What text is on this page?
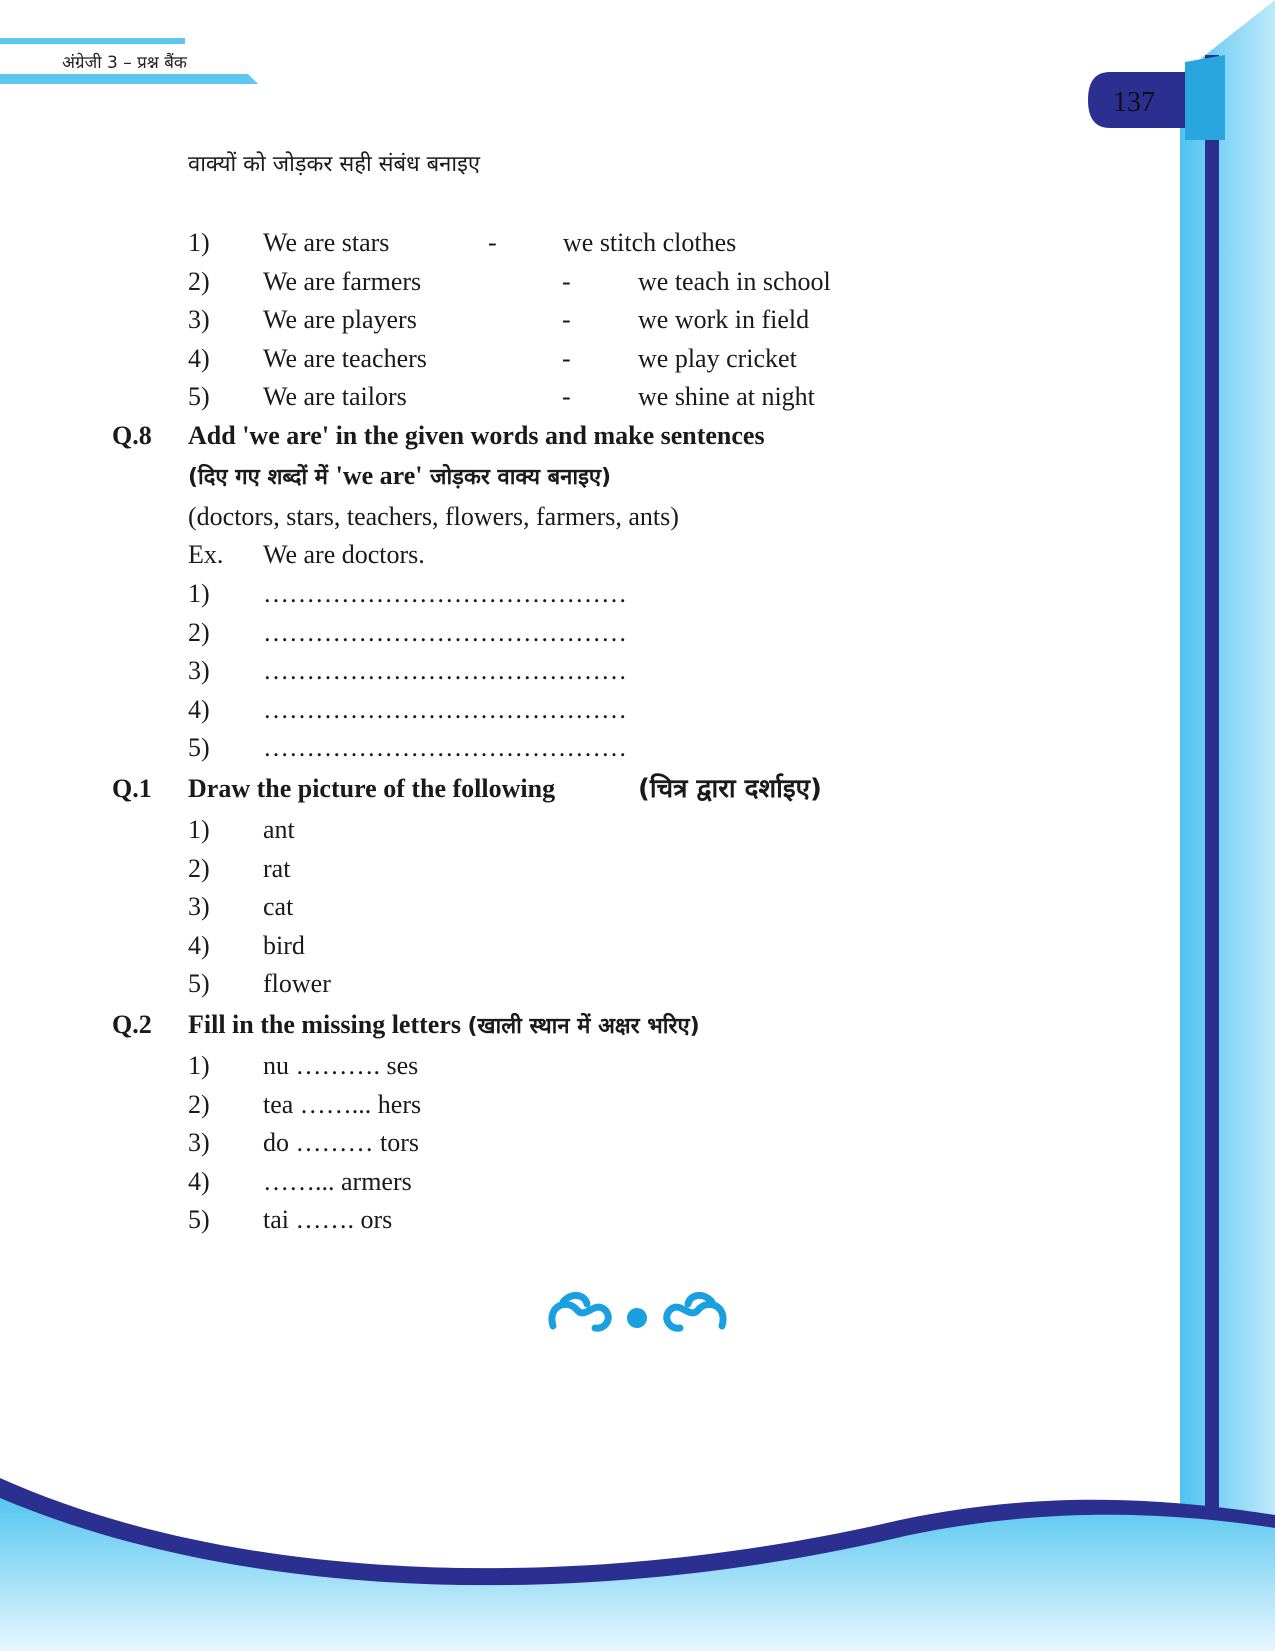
अंग्रेजी 3 – प्रश्न बैंक
137
वाक्यों को जोड़कर सही संबंध बनाइए
1) We are stars	-	we stitch clothes
2) We are farmers	-	we teach in school
3) We are players	-	we work in field
4) We are teachers	-	we play cricket
5) We are tailors	-	we shine at night
Q.8 Add 'we are' in the given words and make sentences
(दिए गए शब्दों में 'we are' जोड़कर वाक्य बनाइए)
(doctors, stars, teachers, flowers, farmers, ants)
Ex. We are doctors.
1) ……………………………………
2) ……………………………………
3) ……………………………………
4) ……………………………………
5) ……………………………………
Q.1 Draw the picture of the following	(चित्र द्वारा दर्शाइए)
1) ant
2) rat
3) cat
4) bird
5) flower
Q.2 Fill in the missing letters (खाली स्थान में अक्षर भरिए)
1) nu ………. ses
2) tea ……... hers
3) do ……… tors
4) ……... armers
5) tai ……. ors
